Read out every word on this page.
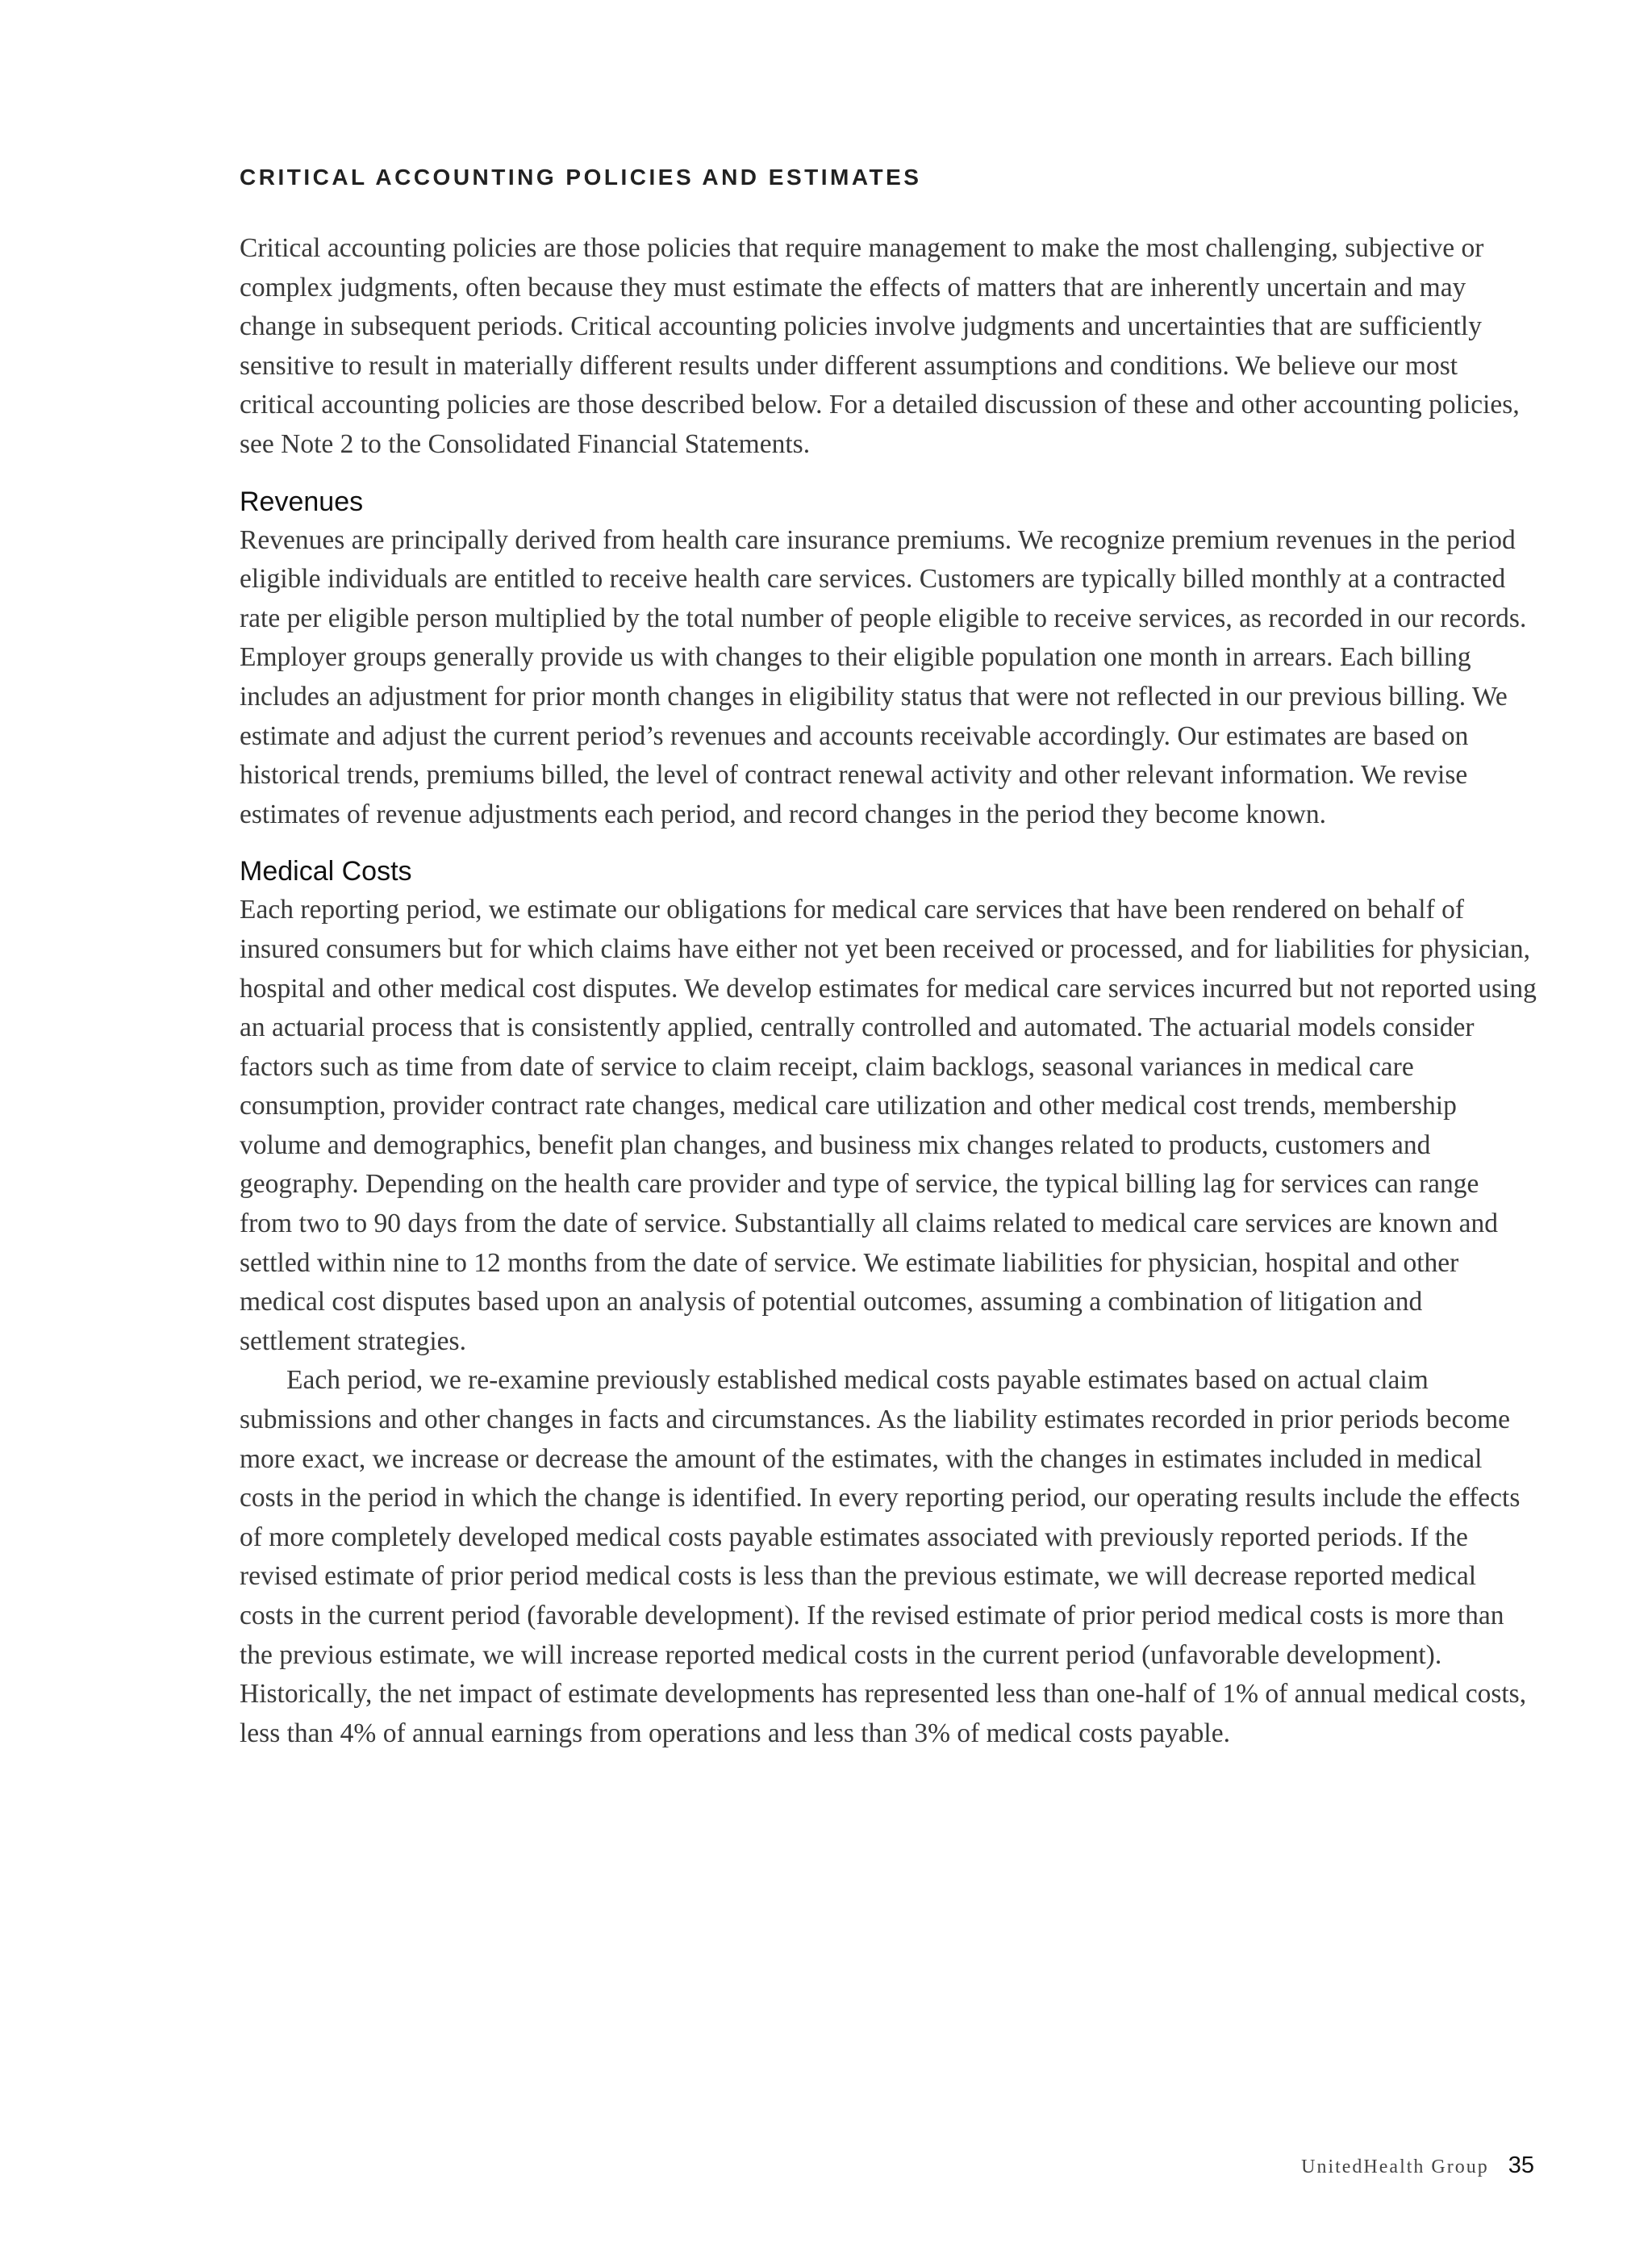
CRITICAL ACCOUNTING POLICIES AND ESTIMATES

Critical accounting policies are those policies that require management to make the most challenging, subjective or complex judgments, often because they must estimate the effects of matters that are inherently uncertain and may change in subsequent periods. Critical accounting policies involve judgments and uncertainties that are sufficiently sensitive to result in materially different results under different assumptions and conditions. We believe our most critical accounting policies are those described below. For a detailed discussion of these and other accounting policies, see Note 2 to the Consolidated Financial Statements.

Revenues

Revenues are principally derived from health care insurance premiums. We recognize premium revenues in the period eligible individuals are entitled to receive health care services. Customers are typically billed monthly at a contracted rate per eligible person multiplied by the total number of people eligible to receive services, as recorded in our records. Employer groups generally provide us with changes to their eligible population one month in arrears. Each billing includes an adjustment for prior month changes in eligibility status that were not reflected in our previous billing. We estimate and adjust the current period’s revenues and accounts receivable accordingly. Our estimates are based on historical trends, premiums billed, the level of contract renewal activity and other relevant information. We revise estimates of revenue adjustments each period, and record changes in the period they become known.

Medical Costs

Each reporting period, we estimate our obligations for medical care services that have been rendered on behalf of insured consumers but for which claims have either not yet been received or processed, and for liabilities for physician, hospital and other medical cost disputes. We develop estimates for medical care services incurred but not reported using an actuarial process that is consistently applied, centrally controlled and automated. The actuarial models consider factors such as time from date of service to claim receipt, claim backlogs, seasonal variances in medical care consumption, provider contract rate changes, medical care utilization and other medical cost trends, membership volume and demographics, benefit plan changes, and business mix changes related to products, customers and geography. Depending on the health care provider and type of service, the typical billing lag for services can range from two to 90 days from the date of service. Substantially all claims related to medical care services are known and settled within nine to 12 months from the date of service. We estimate liabilities for physician, hospital and other medical cost disputes based upon an analysis of potential outcomes, assuming a combination of litigation and settlement strategies.

Each period, we re-examine previously established medical costs payable estimates based on actual claim submissions and other changes in facts and circumstances. As the liability estimates recorded in prior periods become more exact, we increase or decrease the amount of the estimates, with the changes in estimates included in medical costs in the period in which the change is identified. In every reporting period, our operating results include the effects of more completely developed medical costs payable estimates associated with previously reported periods. If the revised estimate of prior period medical costs is less than the previous estimate, we will decrease reported medical costs in the current period (favorable development). If the revised estimate of prior period medical costs is more than the previous estimate, we will increase reported medical costs in the current period (unfavorable development). Historically, the net impact of estimate developments has represented less than one-half of 1% of annual medical costs, less than 4% of annual earnings from operations and less than 3% of medical costs payable.

UnitedHealth Group 35
